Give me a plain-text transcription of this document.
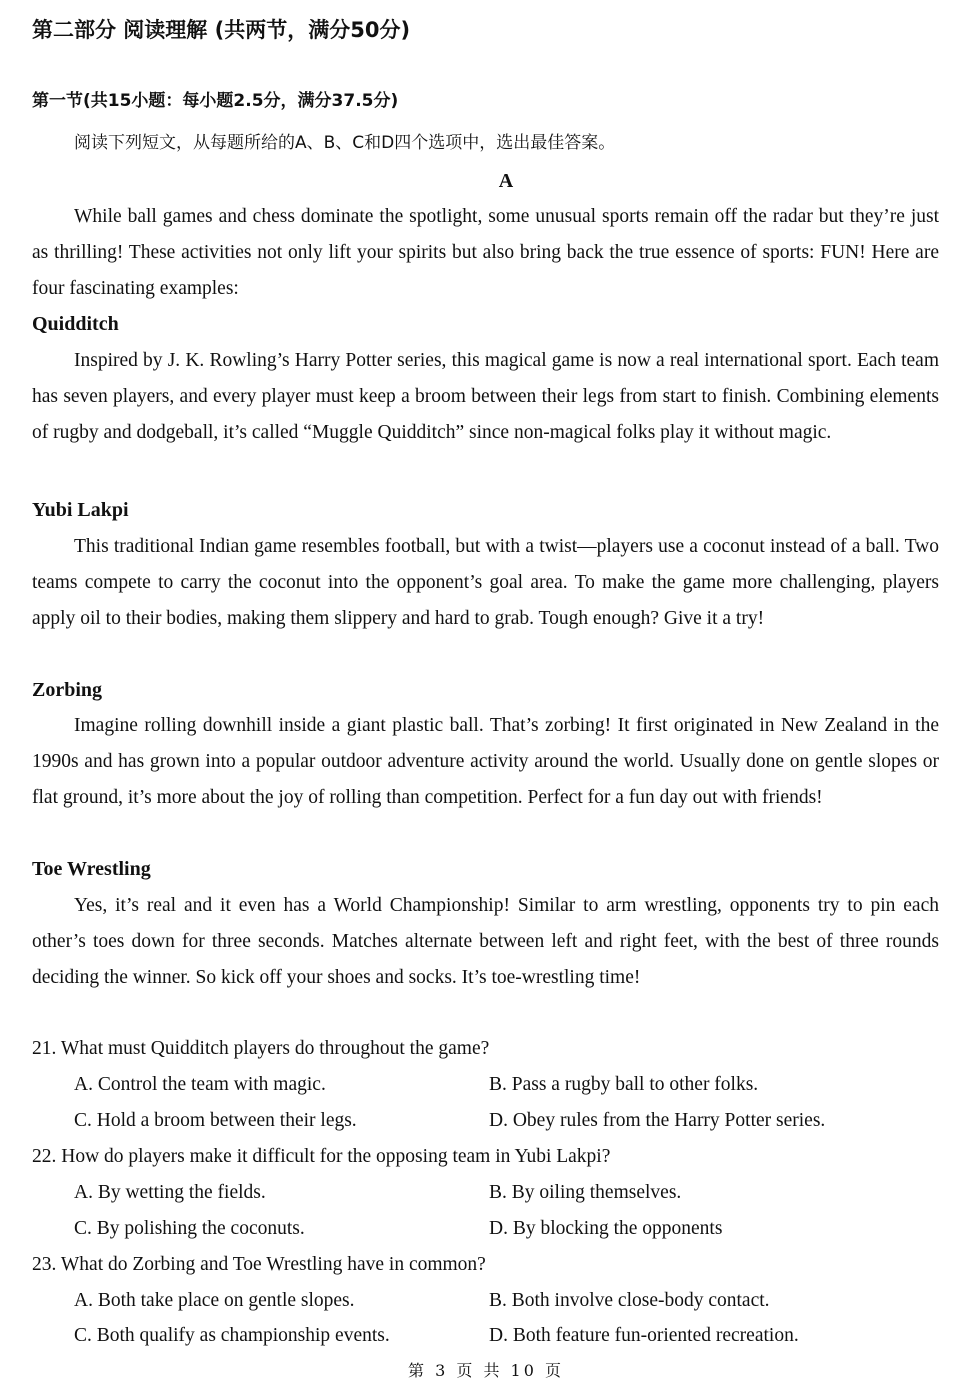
第二部分 阅读理解 (共两节，满分50分)
第一节(共15小题：每小题2.5分，满分37.5分)
阅读下列短文，从每题所给的A、B、C和D四个选项中，选出最佳答案。
A

While ball games and chess dominate the spotlight, some unusual sports remain off the radar but they’re just as thrilling! These activities not only lift your spirits but also bring back the true essence of sports: FUN! Here are four fascinating examples:

Quidditch

Inspired by J. K. Rowling’s Harry Potter series, this magical game is now a real international sport. Each team has seven players, and every player must keep a broom between their legs from start to finish. Combining elements of rugby and dodgeball, it’s called “Muggle Quidditch” since non-magical folks play it without magic.

Yubi Lakpi

This traditional Indian game resembles football, but with a twist—players use a coconut instead of a ball. Two teams compete to carry the coconut into the opponent’s goal area. To make the game more challenging, players apply oil to their bodies, making them slippery and hard to grab. Tough enough? Give it a try!

Zorbing

Imagine rolling downhill inside a giant plastic ball. That’s zorbing! It first originated in New Zealand in the 1990s and has grown into a popular outdoor adventure activity around the world. Usually done on gentle slopes or flat ground, it’s more about the joy of rolling than competition. Perfect for a fun day out with friends!

Toe Wrestling

Yes, it’s real and it even has a World Championship! Similar to arm wrestling, opponents try to pin each other’s toes down for three seconds. Matches alternate between left and right feet, with the best of three rounds deciding the winner. So kick off your shoes and socks. It’s toe-wrestling time!

21. What must Quidditch players do throughout the game?
A. Control the team with magic.	B. Pass a rugby ball to other folks.
C. Hold a broom between their legs.	D. Obey rules from the Harry Potter series.
22. How do players make it difficult for the opposing team in Yubi Lakpi?
A. By wetting the fields.	B. By oiling themselves.
C. By polishing the coconuts.	D. By blocking the opponents
23. What do Zorbing and Toe Wrestling have in common?
A. Both take place on gentle slopes.	B. Both involve close-body contact.
C. Both qualify as championship events.	D. Both feature fun-oriented recreation.
第 3 页 共 10 页
